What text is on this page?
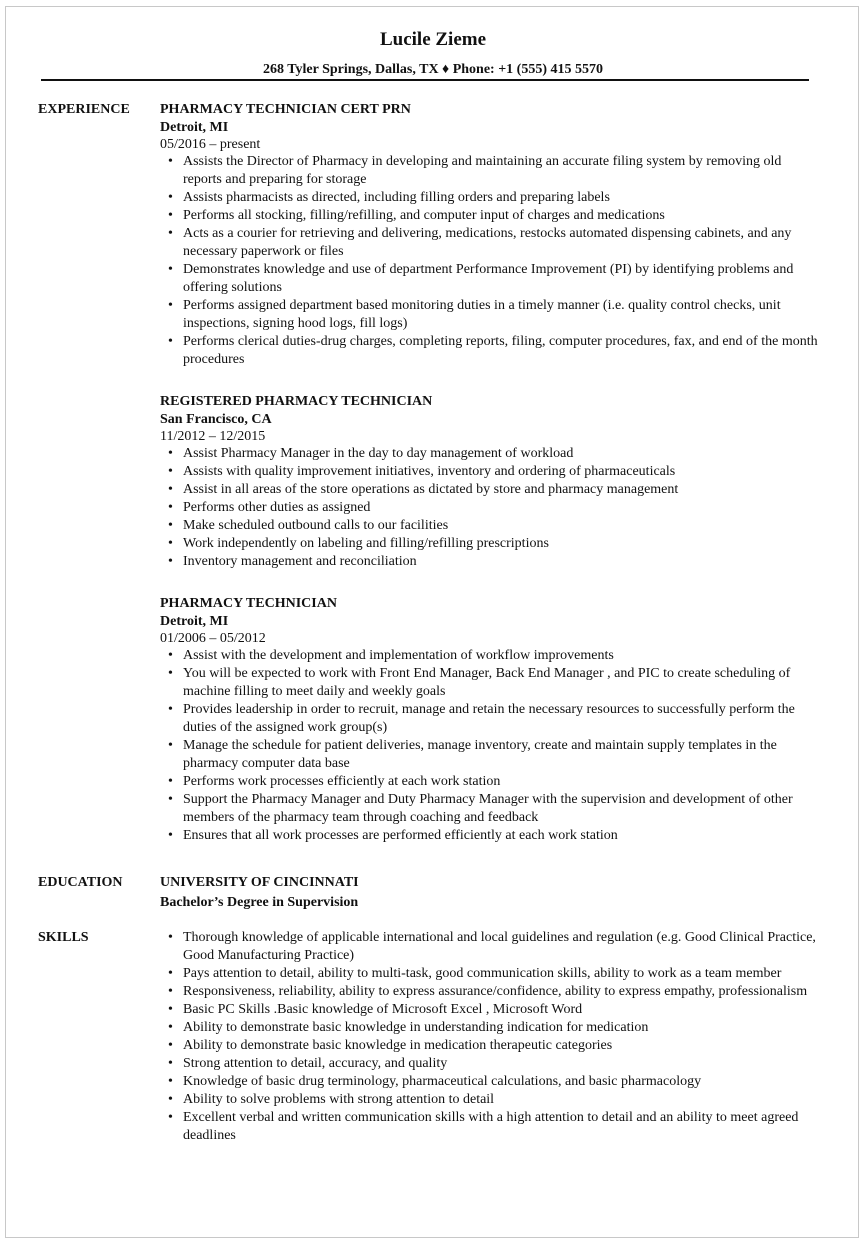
Lucile Zieme
268 Tyler Springs, Dallas, TX ♦ Phone: +1 (555) 415 5570
EXPERIENCE PHARMACY TECHNICIAN CERT PRN
Detroit, MI
05/2016 – present
• Assists the Director of Pharmacy in developing and maintaining an accurate filing system by removing old reports and preparing for storage
• Assists pharmacists as directed, including filling orders and preparing labels
• Performs all stocking, filling/refilling, and computer input of charges and medications
• Acts as a courier for retrieving and delivering, medications, restocks automated dispensing cabinets, and any necessary paperwork or files
• Demonstrates knowledge and use of department Performance Improvement (PI) by identifying problems and offering solutions
• Performs assigned department based monitoring duties in a timely manner (i.e. quality control checks, unit inspections, signing hood logs, fill logs)
• Performs clerical duties-drug charges, completing reports, filing, computer procedures, fax, and end of the month procedures
REGISTERED PHARMACY TECHNICIAN
San Francisco, CA
11/2012 – 12/2015
• Assist Pharmacy Manager in the day to day management of workload
• Assists with quality improvement initiatives, inventory and ordering of pharmaceuticals
• Assist in all areas of the store operations as dictated by store and pharmacy management
• Performs other duties as assigned
• Make scheduled outbound calls to our facilities
• Work independently on labeling and filling/refilling prescriptions
• Inventory management and reconciliation
PHARMACY TECHNICIAN
Detroit, MI
01/2006 – 05/2012
• Assist with the development and implementation of workflow improvements
• You will be expected to work with Front End Manager, Back End Manager , and PIC to create scheduling of machine filling to meet daily and weekly goals
• Provides leadership in order to recruit, manage and retain the necessary resources to successfully perform the duties of the assigned work group(s)
• Manage the schedule for patient deliveries, manage inventory, create and maintain supply templates in the pharmacy computer data base
• Performs work processes efficiently at each work station
• Support the Pharmacy Manager and Duty Pharmacy Manager with the supervision and development of other members of the pharmacy team through coaching and feedback
• Ensures that all work processes are performed efficiently at each work station
EDUCATION	UNIVERSITY OF CINCINNATI
Bachelor’s Degree in Supervision
SKILLS	• Thorough knowledge of applicable international and local guidelines and regulation (e.g. Good Clinical Practice, Good Manufacturing Practice)
• Pays attention to detail, ability to multi-task, good communication skills, ability to work as a team member
• Responsiveness, reliability, ability to express assurance/confidence, ability to express empathy, professionalism
• Basic PC Skills .Basic knowledge of Microsoft Excel , Microsoft Word
• Ability to demonstrate basic knowledge in understanding indication for medication
• Ability to demonstrate basic knowledge in medication therapeutic categories
• Strong attention to detail, accuracy, and quality
• Knowledge of basic drug terminology, pharmaceutical calculations, and basic pharmacology
• Ability to solve problems with strong attention to detail
• Excellent verbal and written communication skills with a high attention to detail and an ability to meet agreed deadlines
